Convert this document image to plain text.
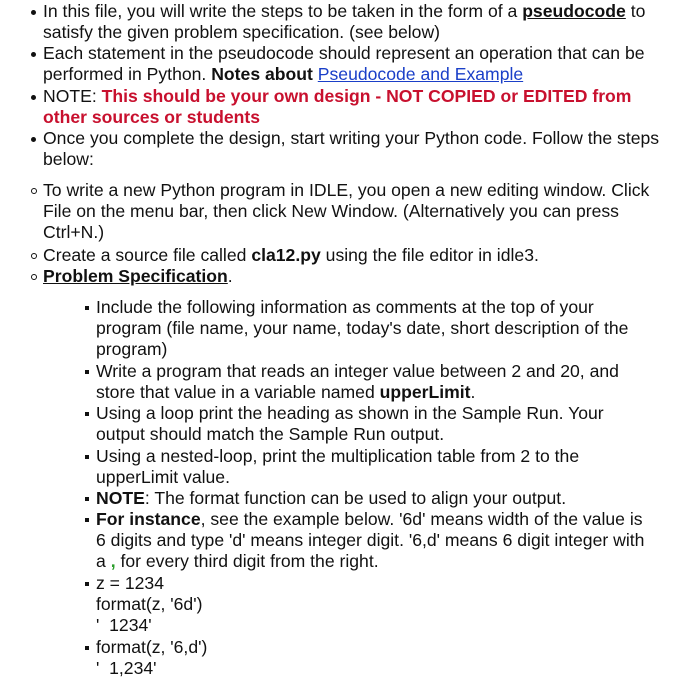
In this file, you will write the steps to be taken in the form of a pseudocode to satisfy the given problem specification. (see below)
Each statement in the pseudocode should represent an operation that can be performed in Python. Notes about Pseudocode and Example
NOTE: This should be your own design - NOT COPIED or EDITED from other sources or students
Once you complete the design, start writing your Python code. Follow the steps below:
To write a new Python program in IDLE, you open a new editing window. Click File on the menu bar, then click New Window. (Alternatively you can press Ctrl+N.)
Create a source file called cla12.py using the file editor in idle3.
Problem Specification.
Include the following information as comments at the top of your program (file name, your name, today's date, short description of the program)
Write a program that reads an integer value between 2 and 20, and store that value in a variable named upperLimit.
Using a loop print the heading as shown in the Sample Run. Your output should match the Sample Run output.
Using a nested-loop, print the multiplication table from 2 to the upperLimit value.
NOTE: The format function can be used to align your output.
For instance, see the example below. '6d' means width of the value is 6 digits and type 'd' means integer digit. '6,d' means 6 digit integer with a , for every third digit from the right.
z = 1234
format(z, '6d')
'  1234'
format(z, '6,d')
'  1,234'
